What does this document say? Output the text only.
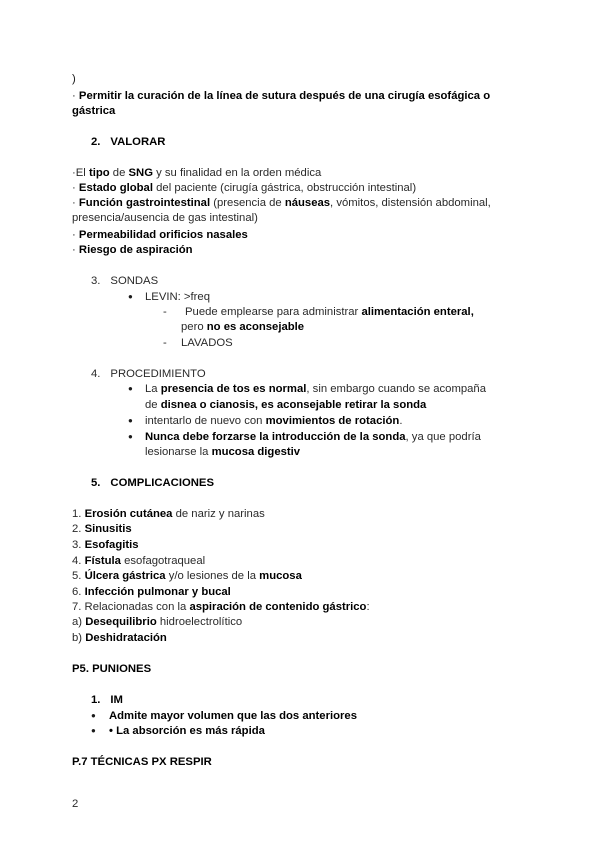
)
· Permitir la curación de la línea de sutura después de una cirugía esofágica o
gástrica
2. VALORAR
·El tipo de SNG y su finalidad en la orden médica
· Estado global del paciente (cirugía gástrica, obstrucción intestinal)
· Función gastrointestinal (presencia de náuseas, vómitos, distensión abdominal,
presencia/ausencia de gas intestinal)
· Permeabilidad orificios nasales
· Riesgo de aspiración
3. SONDAS
● LEVIN: >freq
- Puede emplearse para administrar alimentación enteral,
pero no es aconsejable
- LAVADOS
4. PROCEDIMIENTO
● La presencia de tos es normal, sin embargo cuando se acompaña
de disnea o cianosis, es aconsejable retirar la sonda
● intentarlo de nuevo con movimientos de rotación.
● Nunca debe forzarse la introducción de la sonda, ya que podría
lesionarse la mucosa digestiv
5. COMPLICACIONES
1. Erosión cutánea de nariz y narinas
2. Sinusitis
3. Esofagitis
4. Fístula esofagotraqueal
5. Úlcera gástrica y/o lesiones de la mucosa
6. Infección pulmonar y bucal
7. Relacionadas con la aspiración de contenido gástrico:
a) Desequilibrio hidroelectrolítico
b) Deshidratación
P5. PUNIONES
1. IM
● Admite mayor volumen que las dos anteriores
● • La absorción es más rápida
P.7 TÉCNICAS PX RESPIR
2
